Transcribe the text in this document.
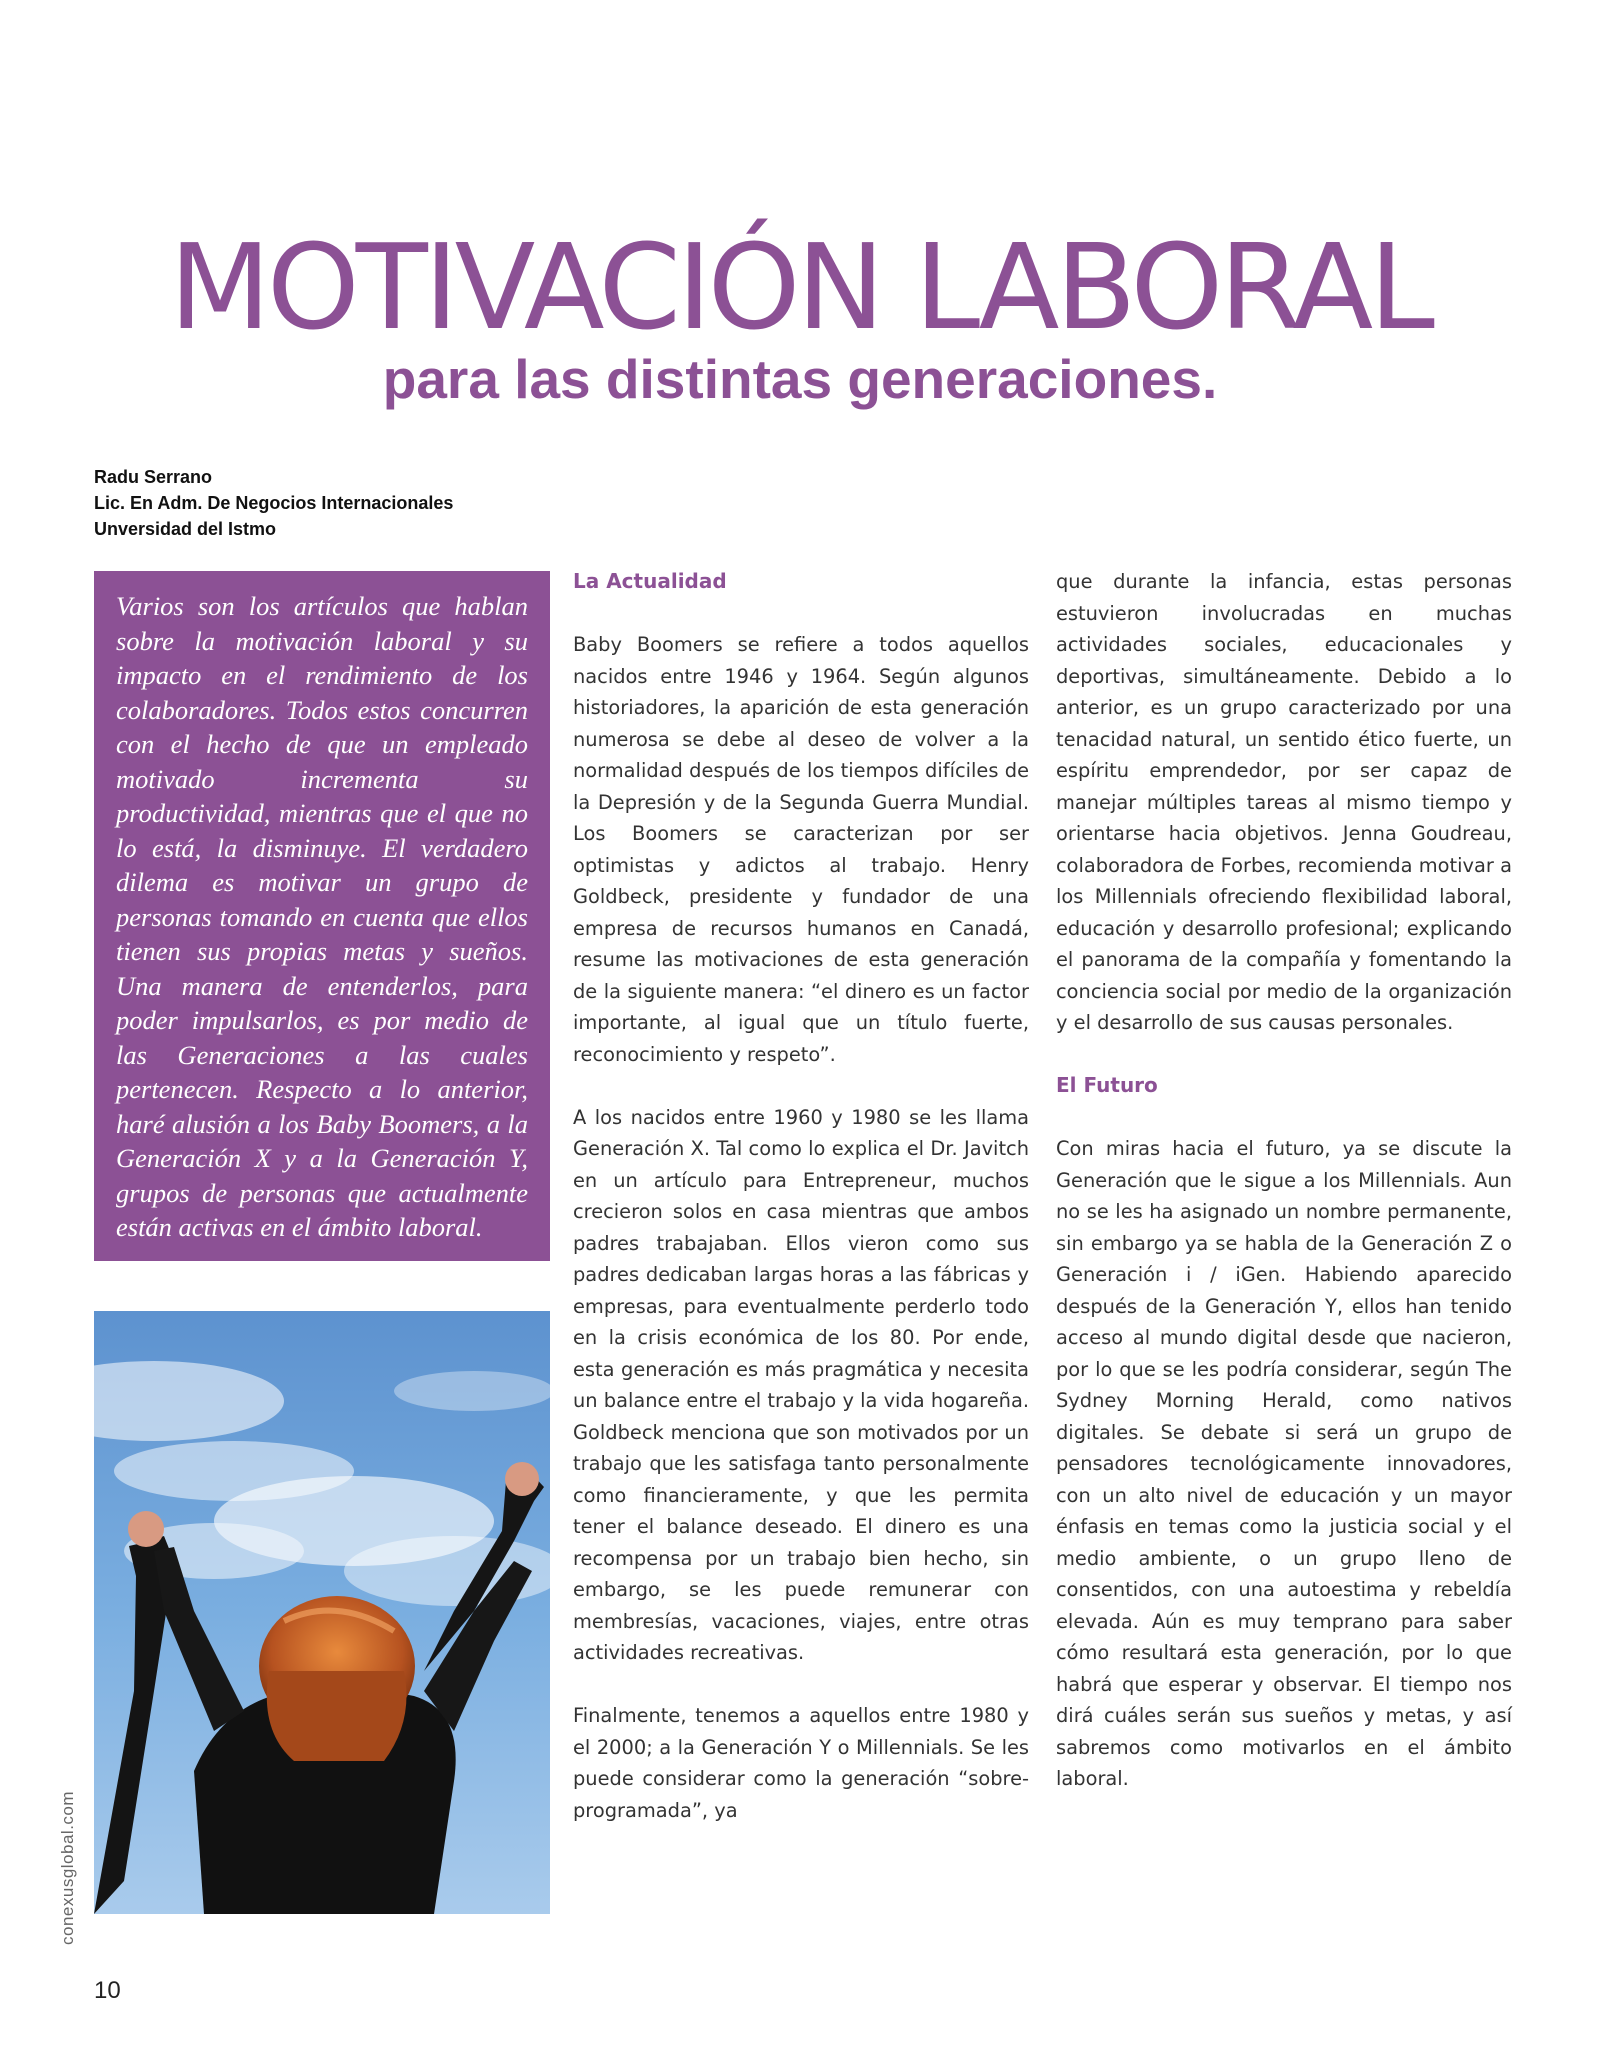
MOTIVACIÓN LABORAL
para las distintas generaciones.
Radu Serrano
Lic. En Adm. De Negocios Internacionales
Unversidad del Istmo

Varios son los artículos que hablan sobre la motivación laboral y su impacto en el rendimiento de los colaboradores. Todos estos concurren con el hecho de que un empleado motivado incrementa su productividad, mientras que el que no lo está, la disminuye. El verdadero dilema es motivar un grupo de personas tomando en cuenta que ellos tienen sus propias metas y sueños. Una manera de entenderlos, para poder impulsarlos, es por medio de las Generaciones a las cuales pertenecen. Respecto a lo anterior, haré alusión a los Baby Boomers, a la Generación X y a la Generación Y, grupos de personas que actualmente están activas en el ámbito laboral.

La Actualidad

Baby Boomers se refiere a todos aquellos nacidos entre 1946 y 1964. Según algunos historiadores, la aparición de esta generación numerosa se debe al deseo de volver a la normalidad después de los tiempos difíciles de la Depresión y de la Segunda Guerra Mundial. Los Boomers se caracterizan por ser optimistas y adictos al trabajo. Henry Goldbeck, presidente y fundador de una empresa de recursos humanos en Canadá, resume las motivaciones de esta generación de la siguiente manera: “el dinero es un factor importante, al igual que un título fuerte, reconocimiento y respeto”.

A los nacidos entre 1960 y 1980 se les llama Generación X. Tal como lo explica el Dr. Javitch en un artículo para Entrepreneur, muchos crecieron solos en casa mientras que ambos padres trabajaban. Ellos vieron como sus padres dedicaban largas horas a las fábricas y empresas, para eventualmente perderlo todo en la crisis económica de los 80. Por ende, esta generación es más pragmática y necesita un balance entre el trabajo y la vida hogareña. Goldbeck menciona que son motivados por un trabajo que les satisfaga tanto personalmente como financieramente, y que les permita tener el balance deseado. El dinero es una recompensa por un trabajo bien hecho, sin embargo, se les puede remunerar con membresías, vacaciones, viajes, entre otras actividades recreativas.

Finalmente, tenemos a aquellos entre 1980 y el 2000; a la Generación Y o Millennials. Se les puede considerar como la generación “sobre-programada”, ya

que durante la infancia, estas personas estuvieron involucradas en muchas actividades sociales, educacionales y deportivas, simultáneamente. Debido a lo anterior, es un grupo caracterizado por una tenacidad natural, un sentido ético fuerte, un espíritu emprendedor, por ser capaz de manejar múltiples tareas al mismo tiempo y orientarse hacia objetivos. Jenna Goudreau, colaboradora de Forbes, recomienda motivar a los Millennials ofreciendo flexibilidad laboral, educación y desarrollo profesional; explicando el panorama de la compañía y fomentando la conciencia social por medio de la organización y el desarrollo de sus causas personales.

El Futuro

Con miras hacia el futuro, ya se discute la Generación que le sigue a los Millennials. Aun no se les ha asignado un nombre permanente, sin embargo ya se habla de la Generación Z o Generación i / iGen. Habiendo aparecido después de la Generación Y, ellos han tenido acceso al mundo digital desde que nacieron, por lo que se les podría considerar, según The Sydney Morning Herald, como nativos digitales. Se debate si será un grupo de pensadores tecnológicamente innovadores, con un alto nivel de educación y un mayor énfasis en temas como la justicia social y el medio ambiente, o un grupo lleno de consentidos, con una autoestima y rebeldía elevada. Aún es muy temprano para saber cómo resultará esta generación, por lo que habrá que esperar y observar. El tiempo nos dirá cuáles serán sus sueños y metas, y así sabremos como motivarlos en el ámbito laboral.

conexusglobal.com
10
